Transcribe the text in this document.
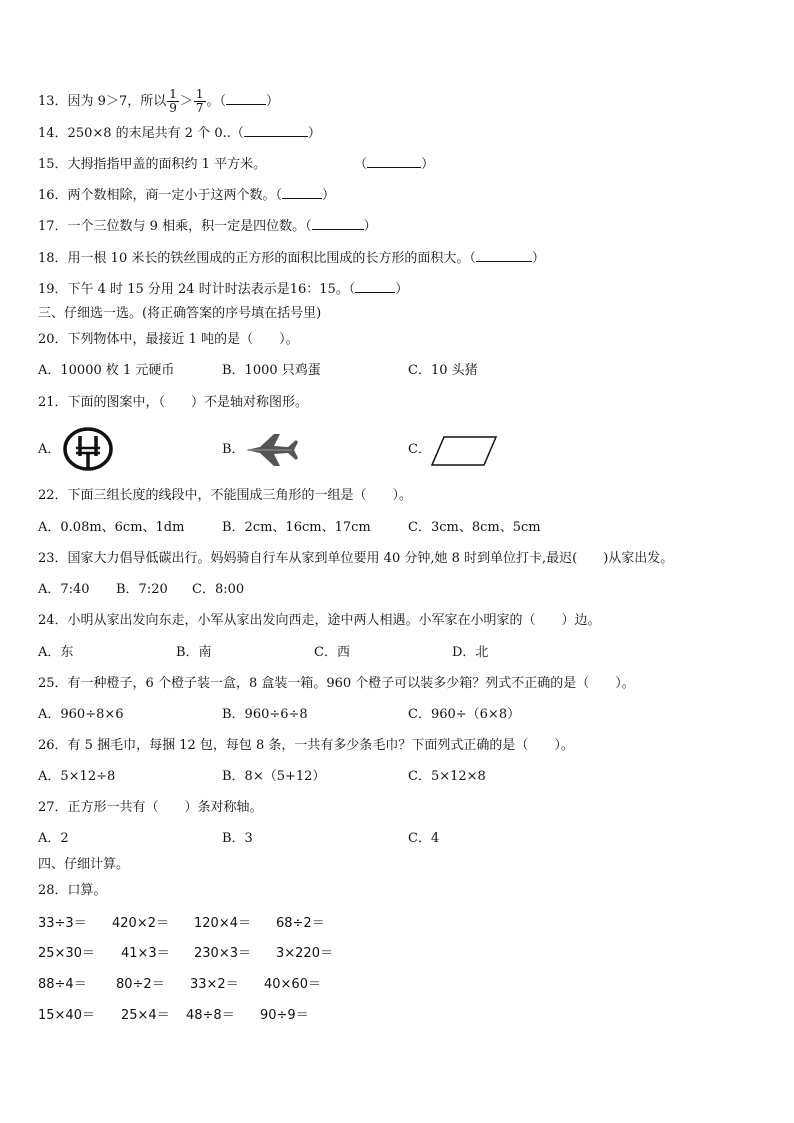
13．因为 9＞7，所以 $\frac{1}{9} > \frac{1}{7}$ 。（	）
14．250×8 的末尾共有 2 个 0..（	）
15．大拇指指甲盖的面积约 1 平方米。	（	）
16．两个数相除，商一定小于这两个数。（	）
17．一个三位数与 9 相乘，积一定是四位数。（	）
18．用一根 10 米长的铁丝围成的正方形的面积比围成的长方形的面积大。（	）
19．下午 4 时 15 分用 24 时计时法表示是16：15。（	）
三、仔细选一选。(将正确答案的序号填在括号里)
20．下列物体中，最接近 1 吨的是（　　）。
A．10000 枚 1 元硬币	B．1000 只鸡蛋	C．10 头猪
21．下面的图案中，（　　）不是轴对称图形。
A．	B．	C．
22．下面三组长度的线段中，不能围成三角形的一组是（　　）。
A．0.08m、6cm、1dm	B．2cm、16cm、17cm	C．3cm、8cm、5cm
23．国家大力倡导低碳出行。妈妈骑自行车从家到单位要用 40 分钟,她 8 时到单位打卡,最迟(　　)从家出发。
A．7:40 B．7:20 C．8:00
24．小明从家出发向东走，小军从家出发向西走，途中两人相遇。小军家在小明家的（　　）边。
A．东	B．南	C．西	D．北
25．有一种橙子，6 个橙子装一盒，8 盒装一箱。960 个橙子可以装多少箱？列式不正确的是（　　）。
A．960÷8×6	B．960÷6÷8	C．960÷（6×8）
26．有 5 捆毛巾，每捆 12 包，每包 8 条，一共有多少条毛巾？下面列式正确的是（　　）。
A．5×12÷8	B．8×（5+12）	C．5×12×8
27．正方形一共有（　　）条对称轴。
A．2	B．3	C．4
四、仔细计算。
28．口算。
33÷3＝ 420×2＝ 120×4＝ 68÷2＝
25×30＝ 41×3＝ 230×3＝ 3×220＝
88÷4＝ 80÷2＝ 33×2＝ 40×60＝
15×40＝ 25×4＝ 48÷8＝ 90÷9＝
